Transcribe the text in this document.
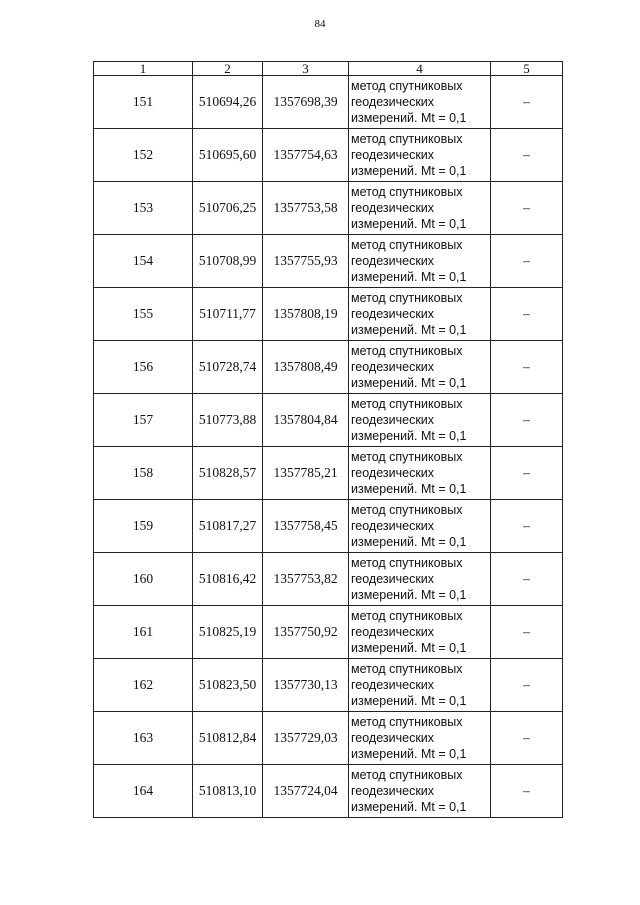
84
1	2	3	4	5
151	510694,26	1357698,39	метод спутниковых
геодезических
измерений. Mt = 0,1	–
152	510695,60	1357754,63	метод спутниковых
геодезических
измерений. Mt = 0,1	–
153	510706,25	1357753,58	метод спутниковых
геодезических
измерений. Mt = 0,1	–
154	510708,99	1357755,93	метод спутниковых
геодезических
измерений. Mt = 0,1	–
155	510711,77	1357808,19	метод спутниковых
геодезических
измерений. Mt = 0,1	–
156	510728,74	1357808,49	метод спутниковых
геодезических
измерений. Mt = 0,1	–
157	510773,88	1357804,84	метод спутниковых
геодезических
измерений. Mt = 0,1	–
158	510828,57	1357785,21	метод спутниковых
геодезических
измерений. Mt = 0,1	–
159	510817,27	1357758,45	метод спутниковых
геодезических
измерений. Mt = 0,1	–
160	510816,42	1357753,82	метод спутниковых
геодезических
измерений. Mt = 0,1	–
161	510825,19	1357750,92	метод спутниковых
геодезических
измерений. Mt = 0,1	–
162	510823,50	1357730,13	метод спутниковых
геодезических
измерений. Mt = 0,1	–
163	510812,84	1357729,03	метод спутниковых
геодезических
измерений. Mt = 0,1	–
164	510813,10	1357724,04	метод спутниковых
геодезических
измерений. Mt = 0,1	–
